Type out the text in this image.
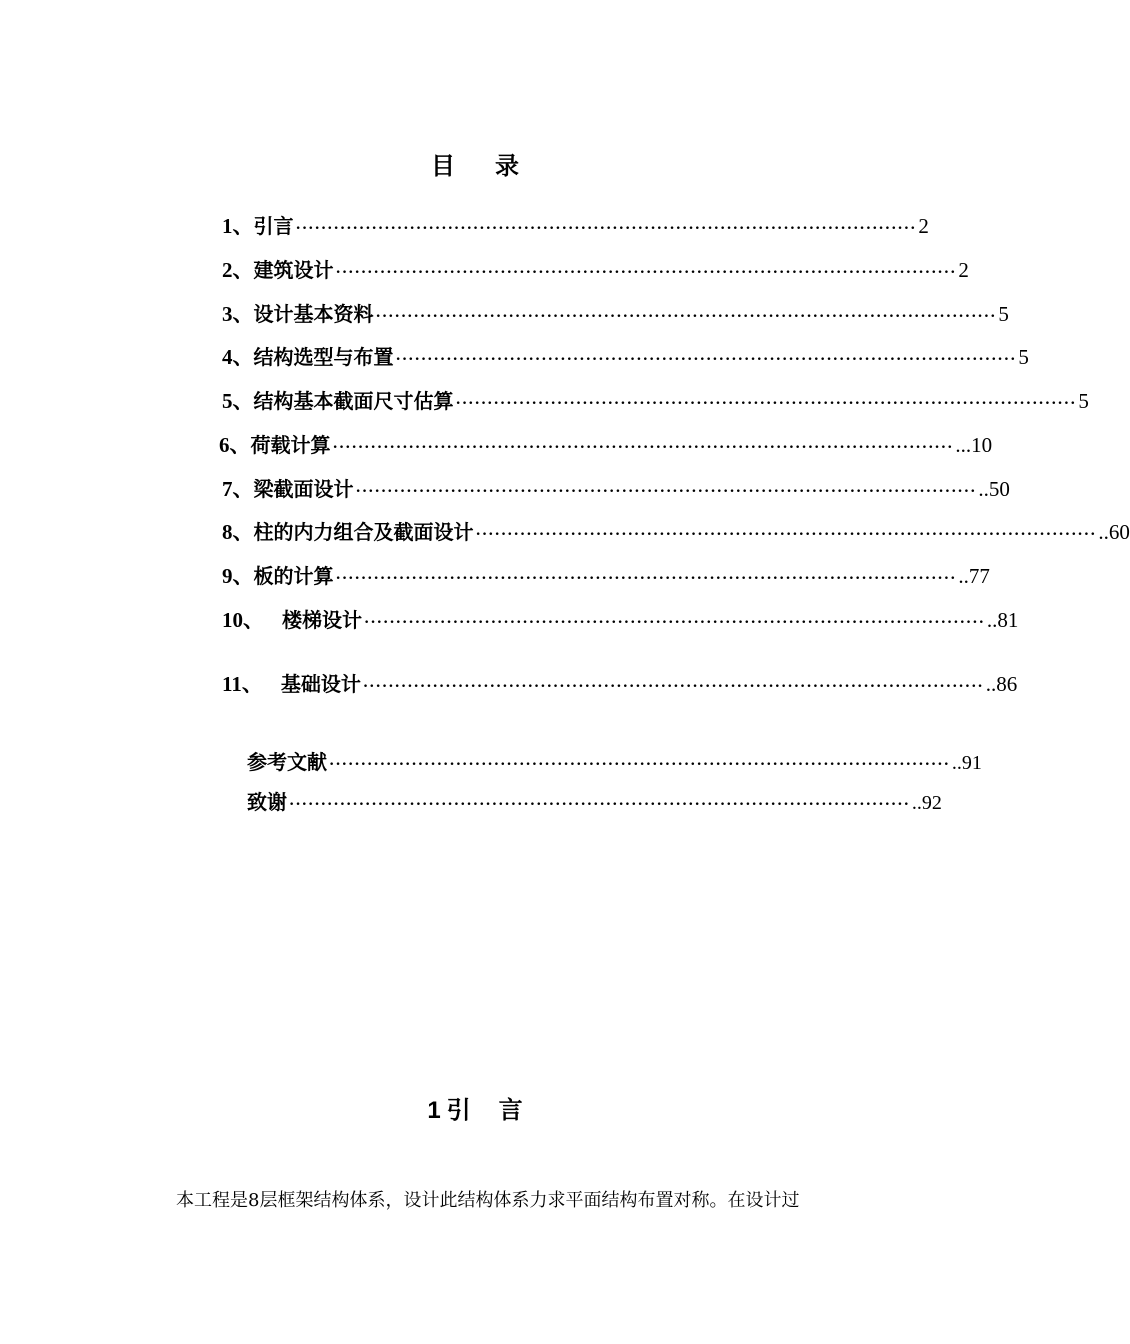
目 录
1 、 引言 ·································································································· 2
2 、 建筑设计 ·································································································· 2
3 、 设计基本资料 ·································································································· 5
4 、 结构选型与布置 ·································································································· 5
5 、 结构基本截面尺寸估算 ·································································································· 5
6 、 荷载计算 ·································································································· ...10
7 、 梁截面设计 ·································································································· ..50
8 、 柱的内力组合及截面设计 ·································································································· ..60
9 、 板的计算 ·································································································· ..77
10 、 楼梯设计 ·································································································· ..81
11 、 基础设计 ·································································································· ..86
参考文献 ·································································································· ..91
致谢 ·································································································· ..92
1 引 言
本工程是8层框架结构体系，设计此结构体系力求平面结构布置对称。在设计过
